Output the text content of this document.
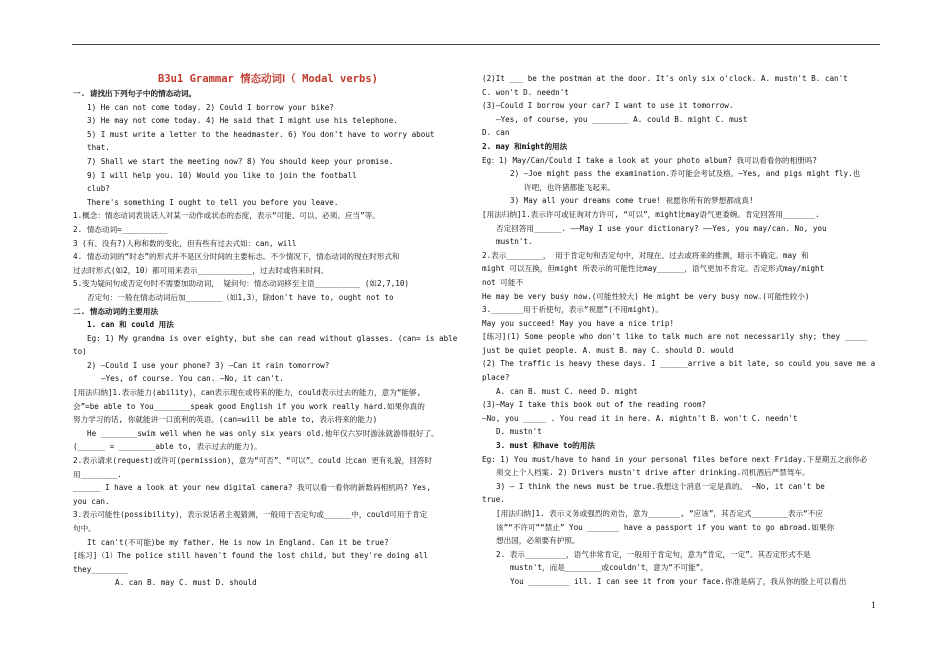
B3u1 Grammar 情态动词Ⅰ（ Modal verbs)

一. 请找出下列句子中的情态动词。

1) He can not come today. 2) Could I borrow your bike?

3) He may not come today. 4) He said that I might use his telephone.

5) I must write a letter to the headmaster. 6) You don't have to worry about

that.

7) Shall we start the meeting now? 8) You should keep your promise.

9) I will help you. 10) Would you like to join the football

club?

There's something I ought to tell you before you leave.

1.概念：情态动词表说话人对某一动作或状态的态度，表示“可能、可以、必须、应当”等。

2. 情态动词=__________

3 (有、没有?)人称和数的变化，但有些有过去式如：can, will

4. 情态动词的“时态”的形式并不是区分时间的主要标志。不少情况下，情态动词的现在时形式和

过去时形式(如2，10）都可用来表示____________，过去时或将来时间。

5.变为疑问句或否定句时不需要加助动词， 疑问句：情态动词移至主语__________ (如2,7,10)

否定句：一般在情态动词后加________（如1,3），除don't have to, ought not to

二. 情态动词的主要用法

1. can 和 could 用法

Eg: 1) My grandma is over eighty, but she can read without glasses. (can= is able

to)

2) —Could I use your phone? 3) —Can it rain tomorrow?

—Yes, of course. You can. —No, it can't.

[用法归纳]1.表示能力(ability)，can表示现在或将来的能力，could表示过去的能力，意为“能够,

会”=be able to You________speak good English if you work really hard.如果你真的

努力学习的话, 你就能讲一口流利的英语。(can=will be able to, 表示将来的能力)

He ________swim well when he was only six years old.他年仅六岁时游泳就游得很好了。

(______ = ________able to, 表示过去的能力)。

2.表示请求(request)或许可(permission)，意为“可否”、“可以”。could 比can 更有礼貌，回答时

用________.

______ I have a look at your new digital camera? 我可以看一看你的新数码相机吗? Yes,

you can.

3.表示可能性(possibility)，表示说话者主观猜测，一般用于否定句或______中，could可用于肯定

句中。

It can't(不可能)be my father. He is now in England. Can it be true?

[练习]（1）The police still haven't found the lost child, but they're doing all

they________

A. can B. may C. must D. should

(2)It ___ be the postman at the door. It's only six o'clock. A. mustn't B. can't

C. won't D. needn't

(3)—Could I borrow your car? I want to use it tomorrow.

—Yes, of course, you ________ A. could B. might C. must

D. can

2. may 和might的用法

Eg：1) May/Can/Could I take a look at your photo album? 我可以看看你的相册吗?

2) —Joe might pass the examination.乔可能会考试及格。—Yes, and pigs might fly.也

许吧，也许猪都能飞起来。

3) May all your dreams come true! 祝愿你所有的梦想都成真!

[用法归纳]1.表示许可或征询对方许可, “可以”，might比may语气更委婉。肯定回答用_______.

否定回答用______. ——May I use your dictionary? ——Yes, you may/can. No, you

mustn't.

2.表示________， 用于肯定句和否定句中，对现在、过去或将来的推测，暗示不确定。may 和

might 可以互换，但might 所表示的可能性比may______，语气更加不肯定。否定形式may/might

not 可能不

He may be very busy now.(可能性较大) He might be very busy now.(可能性较小)

3._______用于祈使句，表示“祝愿”(不用might)。

May you succeed! May you have a nice trip!

[练习](1) Some people who don't like to talk much are not necessarily shy; they _____

just be quiet people. A. must B. may C. should D. would

(2) The traffic is heavy these days. I ______arrive a bit late, so could you save me a

place?

A. can B. must C. need D. might

(3)—May I take this book out of the reading room?

—No, you _____ . You read it in here. A. mightn't B. won't C. needn't

D. mustn't

3. must 和have to的用法

Eg: 1) You must/have to hand in your personal files before next Friday.下星期五之前你必

须交上个人档案. 2) Drivers mustn't drive after drinking.司机酒后严禁驾车。

3) — I think the news must be true.我想这个消息一定是真的。 —No, it can't be

true.

[用法归纳]1. 表示义务或强烈的劝告，意为_______, “应该”，其否定式________表示“不应

该”“不许可”“禁止” You _______ have a passport if you want to go abroad.如果你

想出国，必须要有护照。

2. 表示_________，语气非常肯定，一般用于肯定句，意为“肯定，一定”。其否定形式不是

mustn't，而是________或couldn't，意为“不可能”。

You _________ ill. I can see it from your face.你准是病了，我从你的脸上可以看出

1
